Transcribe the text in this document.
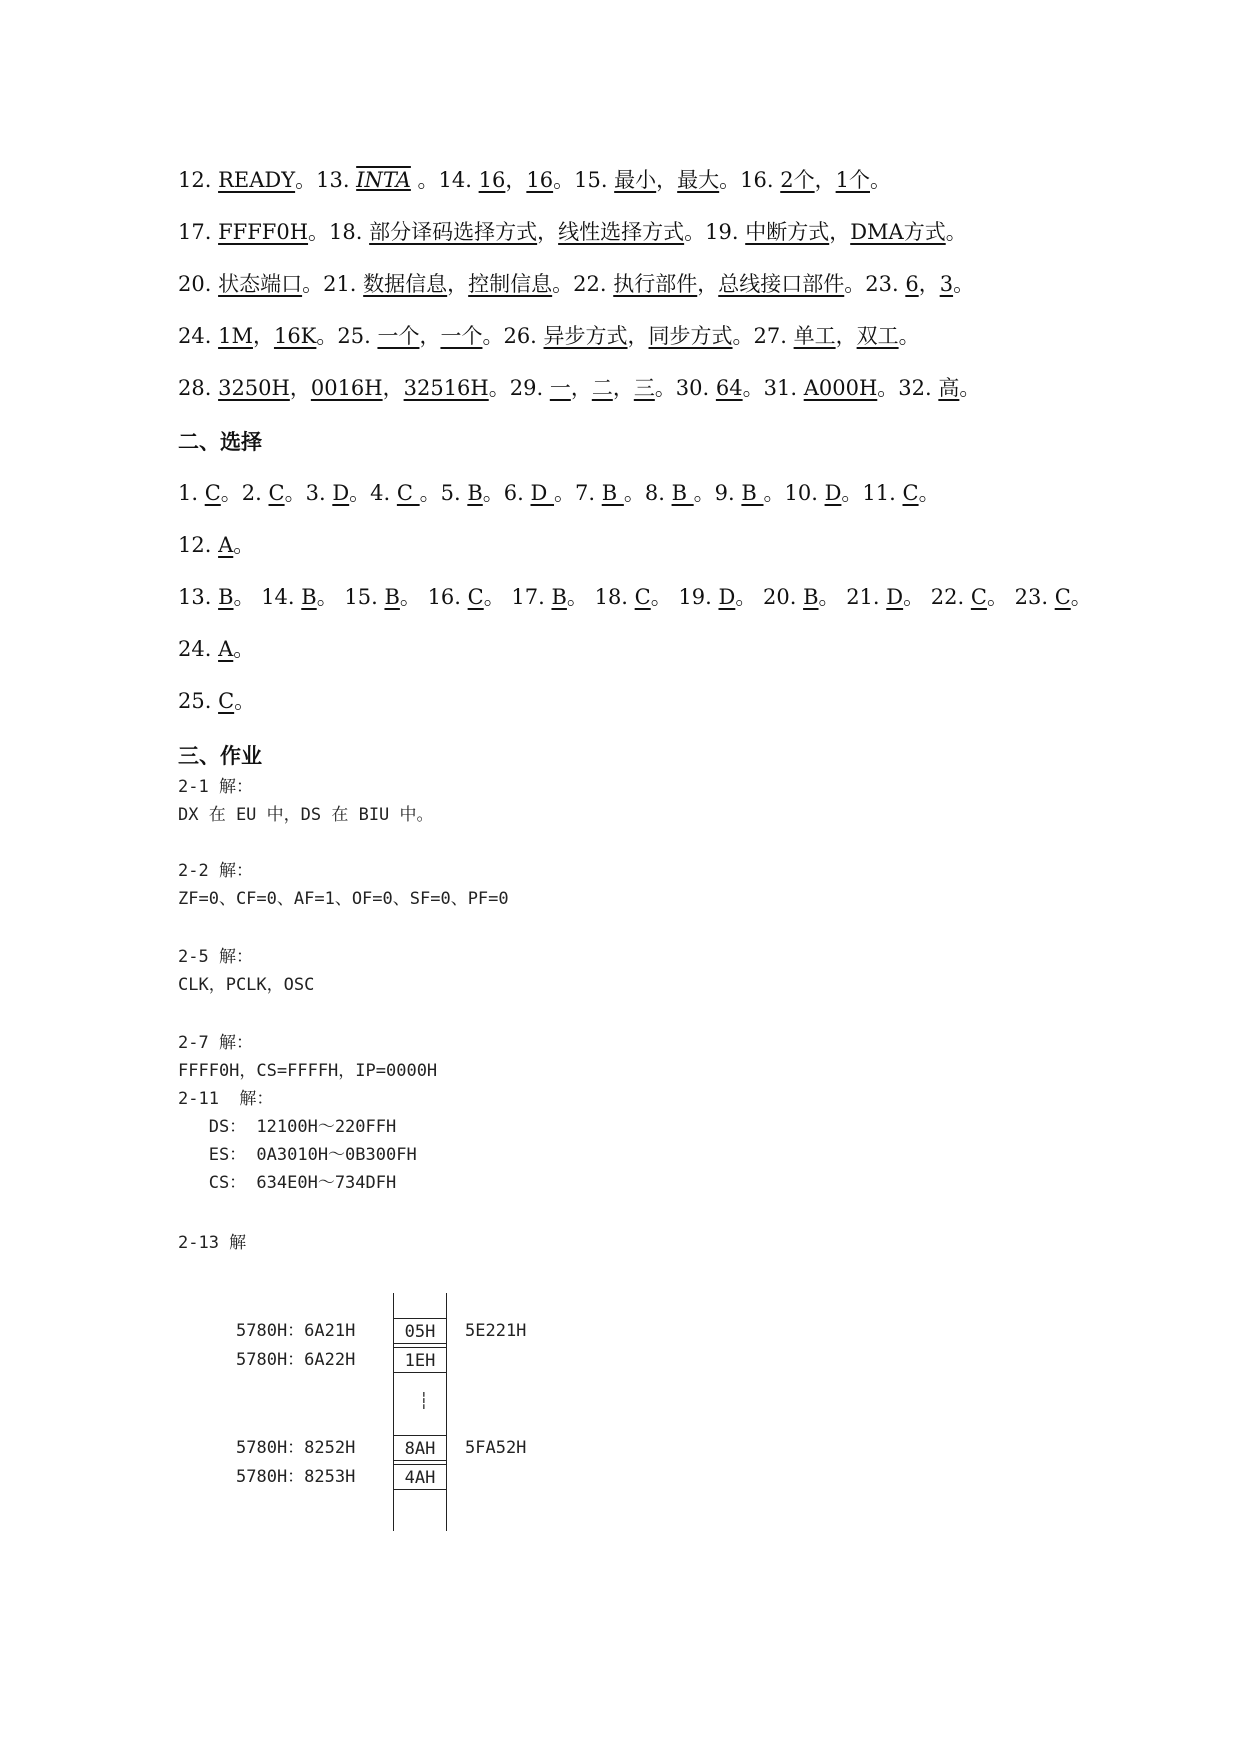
12. READY。13. INTA 。14. 16，16。15. 最小，最大。16. 2个，1个。
17. FFFF0H。18. 部分译码选择方式，线性选择方式。19. 中断方式，DMA方式。
20. 状态端口。21. 数据信息，控制信息。22. 执行部件，总线接口部件。23. 6，3。
24. 1M，16K。25. 一个，一个。26. 异步方式，同步方式。27. 单工，双工。
28. 3250H，0016H，32516H。29. 一，二，三。30. 64。31. A000H。32. 高。
二、选择
1. C。2. C。3. D。4. C 。5. B。6. D 。7. B 。8. B 。9. B 。10. D。11. C。
12. A。
13. B。 14. B。 15. B。 16. C。 17. B。 18. C。 19. D。 20. B。 21. D。 22. C。 23. C。
24. A。
25. C。
三、作业
2-1 解：
DX 在 EU 中，DS 在 BIU 中。
2-2 解：
ZF=0、CF=0、AF=1、OF=0、SF=0、PF=0
2-5 解：
CLK，PCLK，OSC
2-7 解：
FFFF0H，CS=FFFFH，IP=0000H
2-11  解：
DS： 12100H～220FFH
ES： 0A3010H～0B300FH
CS： 634E0H～734DFH
2-13 解
┆
5780H：6A21H	05H	5E221H
5780H：6A22H	1EH
5780H：8252H	8AH	5FA52H
5780H：8253H	4AH
